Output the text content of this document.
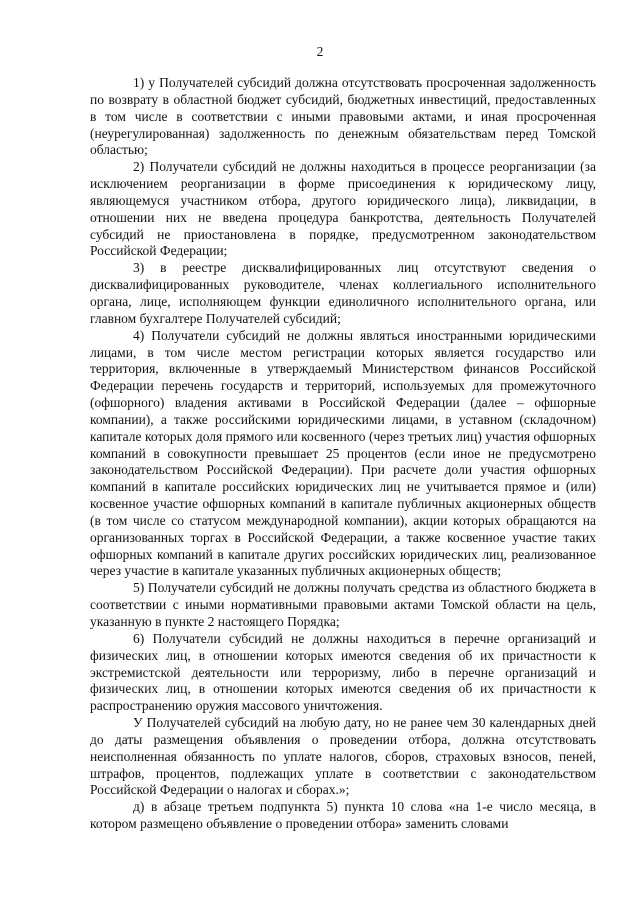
2

1) у Получателей субсидий должна отсутствовать просроченная задолженность по возврату в областной бюджет субсидий, бюджетных инвестиций, предоставленных в том числе в соответствии с иными правовыми актами, и иная просроченная (неурегулированная) задолженность по денежным обязательствам перед Томской областью;

2) Получатели субсидий не должны находиться в процессе реорганизации (за исключением реорганизации в форме присоединения к юридическому лицу, являющемуся участником отбора, другого юридического лица), ликвидации, в отношении них не введена процедура банкротства, деятельность Получателей субсидий не приостановлена в порядке, предусмотренном законодательством Российской Федерации;

3) в реестре дисквалифицированных лиц отсутствуют сведения о дисквалифицированных руководителе, членах коллегиального исполнительного органа, лице, исполняющем функции единоличного исполнительного органа, или главном бухгалтере Получателей субсидий;

4) Получатели субсидий не должны являться иностранными юридическими лицами, в том числе местом регистрации которых является государство или территория, включенные в утверждаемый Министерством финансов Российской Федерации перечень государств и территорий, используемых для промежуточного (офшорного) владения активами в Российской Федерации (далее – офшорные компании), а также российскими юридическими лицами, в уставном (складочном) капитале которых доля прямого или косвенного (через третьих лиц) участия офшорных компаний в совокупности превышает 25 процентов (если иное не предусмотрено законодательством Российской Федерации). При расчете доли участия офшорных компаний в капитале российских юридических лиц не учитывается прямое и (или) косвенное участие офшорных компаний в капитале публичных акционерных обществ (в том числе со статусом международной компании), акции которых обращаются на организованных торгах в Российской Федерации, а также косвенное участие таких офшорных компаний в капитале других российских юридических лиц, реализованное через участие в капитале указанных публичных акционерных обществ;

5) Получатели субсидий не должны получать средства из областного бюджета в соответствии с иными нормативными правовыми актами Томской области на цель, указанную в пункте 2 настоящего Порядка;

6) Получатели субсидий не должны находиться в перечне организаций и физических лиц, в отношении которых имеются сведения об их причастности к экстремистской деятельности или терроризму, либо в перечне организаций и физических лиц, в отношении которых имеются сведения об их причастности к распространению оружия массового уничтожения.

У Получателей субсидий на любую дату, но не ранее чем 30 календарных дней до даты размещения объявления о проведении отбора, должна отсутствовать неисполненная обязанность по уплате налогов, сборов, страховых взносов, пеней, штрафов, процентов, подлежащих уплате в соответствии с законодательством Российской Федерации о налогах и сборах.»;

д) в абзаце третьем подпункта 5) пункта 10 слова «на 1-е число месяца, в котором размещено объявление о проведении отбора» заменить словами
